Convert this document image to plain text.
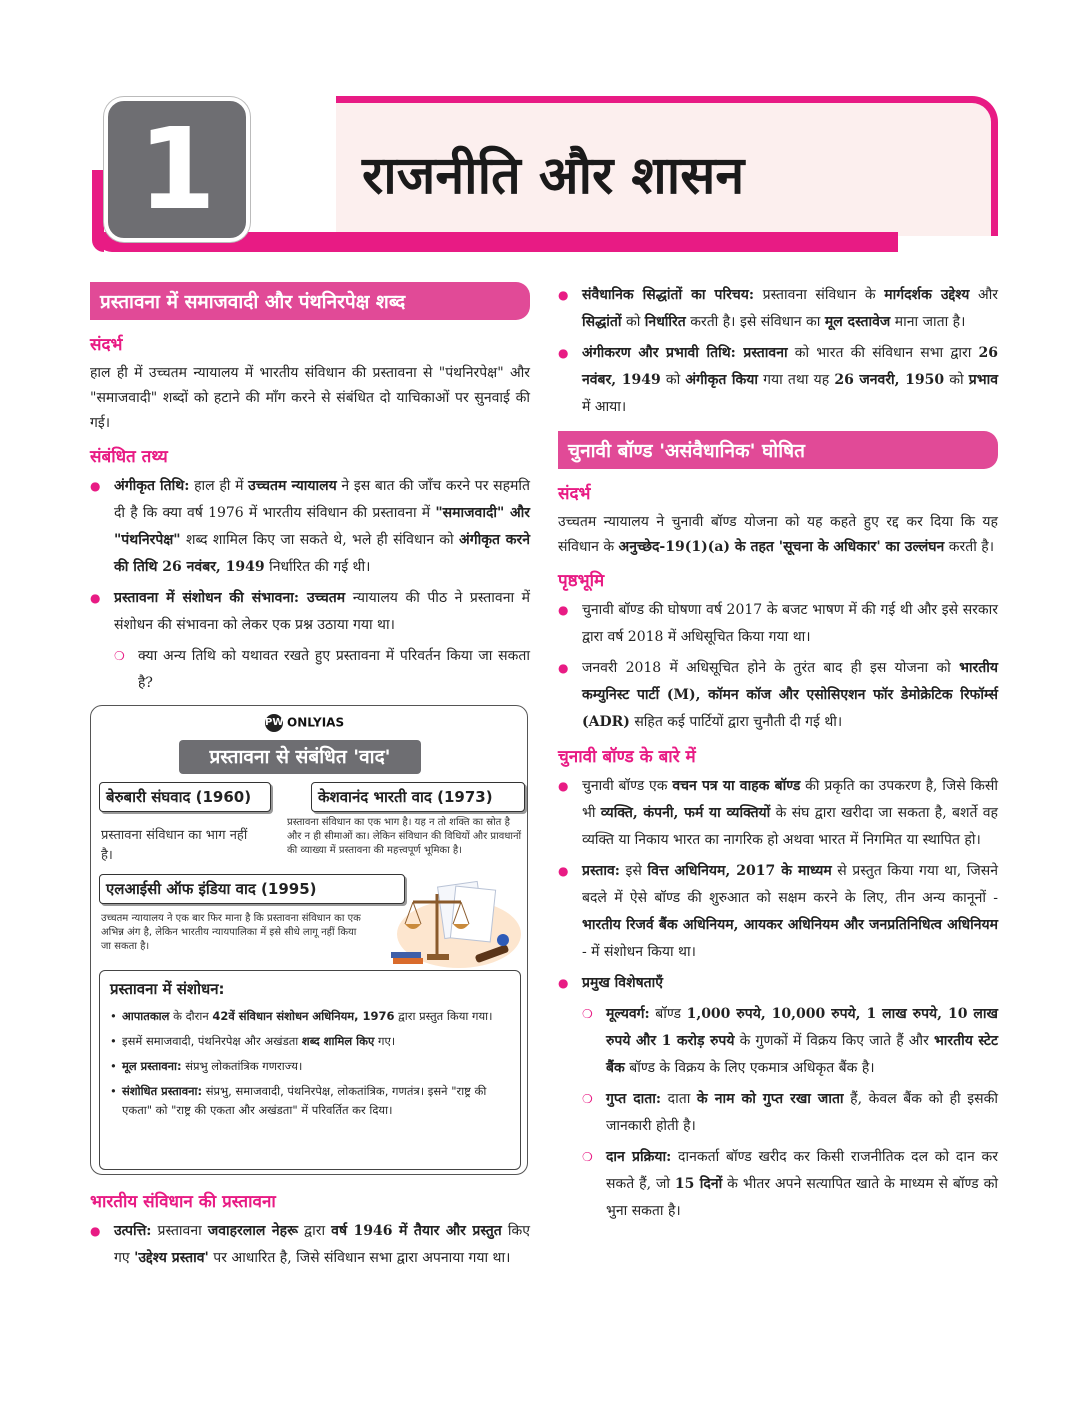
1	राजनीति और शासन
प्रस्तावना में समाजवादी और पंथनिरपेक्ष शब्द
संदर्भ

हाल ही में उच्चतम न्यायालय में भारतीय संविधान की प्रस्तावना से "पंथनिरपेक्ष" और "समाजवादी" शब्दों को हटाने की माँग करने से संबंधित दो याचिकाओं पर सुनवाई की गई।

संबंधित तथ्य
● अंगीकृत तिथि: हाल ही में उच्चतम न्यायालय ने इस बात की जाँच करने पर सहमति दी है कि क्या वर्ष 1976 में भारतीय संविधान की प्रस्तावना में "समाजवादी" और "पंथनिरपेक्ष" शब्द शामिल किए जा सकते थे, भले ही संविधान को अंगीकृत करने की तिथि 26 नवंबर, 1949 निर्धारित की गई थी।
● प्रस्तावना में संशोधन की संभावना: उच्चतम न्यायालय की पीठ ने प्रस्तावना में संशोधन की संभावना को लेकर एक प्रश्न उठाया गया था।
❍ क्या अन्य तिथि को यथावत रखते हुए प्रस्तावना में परिवर्तन किया जा सकता है?
PW ONLYIAS
प्रस्तावना से संबंधित 'वाद'
बेरुबारी संघवाद (1960)
प्रस्तावना संविधान का भाग नहीं है।
केशवानंद भारती वाद (1973)
प्रस्तावना संविधान का एक भाग है। यह न तो शक्ति का स्रोत है और न ही सीमाओं का। लेकिन संविधान की विधियों और प्रावधानों की व्याख्या में प्रस्तावना की महत्त्वपूर्ण भूमिका है।
एलआईसी ऑफ इंडिया वाद (1995)
उच्चतम न्यायालय ने एक बार फिर माना है कि प्रस्तावना संविधान का एक अभिन्न अंग है, लेकिन भारतीय न्यायपालिका में इसे सीधे लागू नहीं किया जा सकता है।
प्रस्तावना में संशोधन:
• आपातकाल के दौरान 42वें संविधान संशोधन अधिनियम, 1976 द्वारा प्रस्तुत किया गया।
• इसमें समाजवादी, पंथनिरपेक्ष और अखंडता शब्द शामिल किए गए।
• मूल प्रस्तावना: संप्रभु लोकतांत्रिक गणराज्य।
• संशोधित प्रस्तावना: संप्रभु, समाजवादी, पंथनिरपेक्ष, लोकतांत्रिक, गणतंत्र। इसने "राष्ट्र की एकता" को "राष्ट्र की एकता और अखंडता" में परिवर्तित कर दिया।
भारतीय संविधान की प्रस्तावना
● उत्पत्ति: प्रस्तावना जवाहरलाल नेहरू द्वारा वर्ष 1946 में तैयार और प्रस्तुत किए गए 'उद्देश्य प्रस्ताव' पर आधारित है, जिसे संविधान सभा द्वारा अपनाया गया था।
● संवैधानिक सिद्धांतों का परिचय: प्रस्तावना संविधान के मार्गदर्शक उद्देश्य और सिद्धांतों को निर्धारित करती है। इसे संविधान का मूल दस्तावेज माना जाता है।
● अंगीकरण और प्रभावी तिथि: प्रस्तावना को भारत की संविधान सभा द्वारा 26 नवंबर, 1949 को अंगीकृत किया गया तथा यह 26 जनवरी, 1950 को प्रभाव में आया।
चुनावी बॉण्ड 'असंवैधानिक' घोषित
संदर्भ

उच्चतम न्यायालय ने चुनावी बॉण्ड योजना को यह कहते हुए रद्द कर दिया कि यह संविधान के अनुच्छेद-19(1)(a) के तहत 'सूचना के अधिकार' का उल्लंघन करती है।

पृष्ठभूमि
● चुनावी बॉण्ड की घोषणा वर्ष 2017 के बजट भाषण में की गई थी और इसे सरकार द्वारा वर्ष 2018 में अधिसूचित किया गया था।
● जनवरी 2018 में अधिसूचित होने के तुरंत बाद ही इस योजना को भारतीय कम्युनिस्ट पार्टी (M), कॉमन कॉज और एसोसिएशन फॉर डेमोक्रेटिक रिफॉर्म्स (ADR) सहित कई पार्टियों द्वारा चुनौती दी गई थी।
चुनावी बॉण्ड के बारे में
● चुनावी बॉण्ड एक वचन पत्र या वाहक बॉण्ड की प्रकृति का उपकरण है, जिसे किसी भी व्यक्ति, कंपनी, फर्म या व्यक्तियों के संघ द्वारा खरीदा जा सकता है, बशर्ते वह व्यक्ति या निकाय भारत का नागरिक हो अथवा भारत में निगमित या स्थापित हो।
● प्रस्ताव: इसे वित्त अधिनियम, 2017 के माध्यम से प्रस्तुत किया गया था, जिसने बदले में ऐसे बॉण्ड की शुरुआत को सक्षम करने के लिए, तीन अन्य कानूनों - भारतीय रिजर्व बैंक अधिनियम, आयकर अधिनियम और जनप्रतिनिधित्व अधिनियम - में संशोधन किया था।
● प्रमुख विशेषताएँ
❍ मूल्यवर्ग: बॉण्ड 1,000 रुपये, 10,000 रुपये, 1 लाख रुपये, 10 लाख रुपये और 1 करोड़ रुपये के गुणकों में विक्रय किए जाते हैं और भारतीय स्टेट बैंक बॉण्ड के विक्रय के लिए एकमात्र अधिकृत बैंक है।
❍ गुप्त दाता: दाता के नाम को गुप्त रखा जाता हैं, केवल बैंक को ही इसकी जानकारी होती है।
❍ दान प्रक्रिया: दानकर्ता बॉण्ड खरीद कर किसी राजनीतिक दल को दान कर सकते हैं, जो 15 दिनों के भीतर अपने सत्यापित खाते के माध्यम से बॉण्ड को भुना सकता है।
